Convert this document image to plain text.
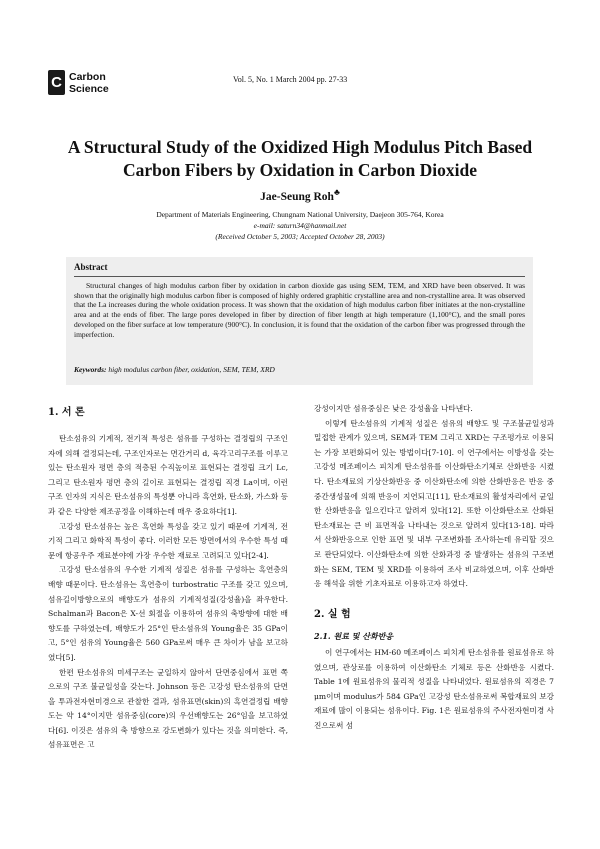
C Carbon
Science
Vol. 5, No. 1 March 2004 pp. 27-33
A Structural Study of the Oxidized High Modulus Pitch Based
Carbon Fibers by Oxidation in Carbon Dioxide
Jae-Seung Roh♣
Department of Materials Engineering, Chungnam National University, Daejeon 305-764, Korea
e-mail: saturn34@hanmail.net
(Received October 5, 2003; Accepted October 28, 2003)
Abstract
Structural changes of high modulus carbon fiber by oxidation in carbon dioxide gas using SEM, TEM, and XRD have been observed. It was shown that the originally high modulus carbon fiber is composed of highly ordered graphitic crystalline area and non-crystalline area. It was observed that the La increases during the whole oxidation process. It was shown that the oxidation of high modulus carbon fiber initiates at the non-crystalline area and at the ends of fiber. The large pores developed in fiber by direction of fiber length at high temperature (1,100°C), and the small pores developed on the fiber surface at low temperature (900°C). In conclusion, it is found that the oxidation of the carbon fiber was progressed through the imperfection.
Keywords: high modulus carbon fiber, oxidation, SEM, TEM, XRD
1. 서 론

탄소섬유의 기계적, 전기적 특성은 섬유를 구성하는 결정립의 구조인자에 의해 결정되는데, 구조인자로는 면간거리 d, 육각고리구조를 이루고 있는 탄소원자 평면 층의 적층된 수직높이로 표현되는 결정립 크기 Lc, 그리고 탄소원자 평면 층의 길이로 표현되는 결정립 직경 La이며, 이런 구조 인자의 지식은 탄소섬유의 특성뿐 아니라 흑연화, 탄소화, 가스화 등과 같은 다양한 제조공정을 이해하는데 매우 중요하다[1].

고강성 탄소섬유는 높은 흑연화 특성을 갖고 있기 때문에 기계적, 전기적 그리고 화학적 특성이 좋다. 이러한 모든 방면에서의 우수한 특성 때문에 항공우주 재료분야에 가장 우수한 재료로 고려되고 있다[2-4].

고강성 탄소섬유의 우수한 기계적 성질은 섬유를 구성하는 흑연층의 배향 때문이다. 탄소섬유는 흑연층이 turbostratic 구조를 갖고 있으며, 섬유길이방향으로의 배향도가 섬유의 기계적성질(강성율)을 좌우한다. Schalman과 Bacon은 X-선 회절을 이용하여 섬유의 축방향에 대한 배향도를 구하였는데, 배향도가 25°인 탄소섬유의 Young율은 35 GPa이고, 5°인 섬유의 Young율은 560 GPa로써 매우 큰 차이가 남을 보고하였다[5].

한편 탄소섬유의 미세구조는 균일하지 않아서 단면중심에서 표면 쪽으로의 구조 불균일성을 갖는다. Johnson 등은 고강성 탄소섬유의 단면을 투과전자현미경으로 관찰한 결과, 섬유표면(skin)의 흑연결정립 배향도는 약 14°이지만 섬유중심(core)의 우선배향도는 26°임을 보고하였다[6]. 이것은 섬유의 축 방향으로 강도변화가 있다는 것을 의미한다. 즉, 섬유표면은 고

강성이지만 섬유중심은 낮은 강성율을 나타낸다.

이렇게 탄소섬유의 기계적 성질은 섬유의 배향도 및 구조불균일성과 밀접한 관계가 있으며, SEM과 TEM 그리고 XRD는 구조평가로 이용되는 가장 보편화되어 있는 방법이다[7-10]. 이 연구에서는 이방성을 갖는 고강성 메조페이스 피치계 탄소섬유를 이산화탄소기체로 산화반응 시켰다. 탄소재료의 기상산화반응 중 이산화탄소에 의한 산화반응은 반응 중 중간생성물에 의해 반응이 지연되고[11], 탄소재료의 활성자리에서 균일한 산화반응을 일으킨다고 알려져 있다[12]. 또한 이산화탄소로 산화된 탄소재료는 큰 비 표면적을 나타내는 것으로 알려져 있다[13-18]. 따라서 산화반응으로 인한 표면 및 내부 구조변화를 조사하는데 유리할 것으로 판단되었다. 이산화탄소에 의한 산화과정 중 발생하는 섬유의 구조변화는 SEM, TEM 및 XRD를 이용하여 조사 비교하였으며, 이후 산화반응 해석을 위한 기초자료로 이용하고자 하였다.

2. 실 험
2.1. 원료 및 산화반응

이 연구에서는 HM-60 메조페이스 피치계 탄소섬유를 원료섬유로 하였으며, 관상로를 이용하여 이산화탄소 기체로 등온 산화반응 시켰다. Table 1에 원료섬유의 물리적 성질을 나타내었다. 원료섬유의 직경은 7 μm이며 modulus가 584 GPa인 고강성 탄소섬유로써 복합재료의 보강재료에 많이 이용되는 섬유이다. Fig. 1은 원료섬유의 주사전자현미경 사진으로써 섬
